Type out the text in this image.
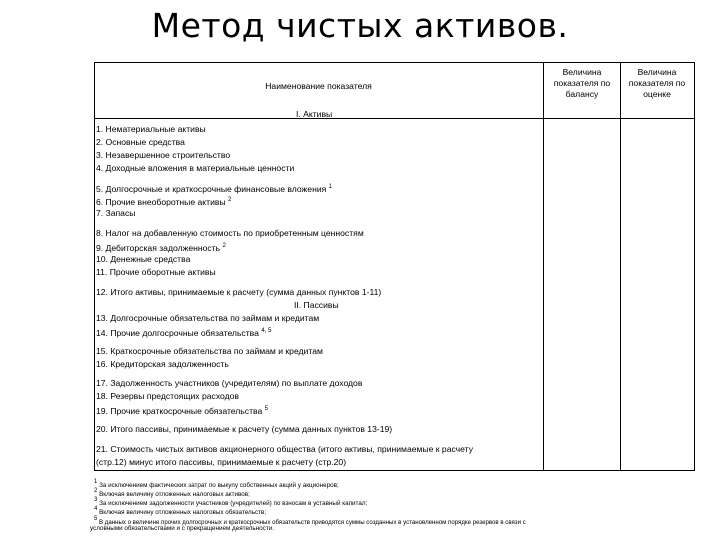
Метод чистых активов.
Наименование показателя
Величина показателя по балансу
Величина показателя по оценке
I. Активы
1. Нематериальные активы
2. Основные средства
3. Незавершенное строительство
4. Доходные вложения в материальные ценности
5. Долгосрочные и краткосрочные финансовые вложения $^1$
6. Прочие внеоборотные активы $^2$
7. Запасы
8. Налог на добавленную стоимость по приобретенным ценностям
9. Дебиторская задолженность $^2$
10. Денежные средства
11. Прочие оборотные активы
12. Итого активы, принимаемые к расчету (сумма данных пунктов 1-11)
II. Пассивы
13. Долгосрочные обязательства по займам и кредитам
14. Прочие долгосрочные обязательства $^{4, 5}$
15. Краткосрочные обязательства по займам и кредитам
16. Кредиторская задолженность
17. Задолженность участников (учредителям) по выплате доходов
18. Резервы предстоящих расходов
19. Прочие краткосрочные обязательства $^5$
20. Итого пассивы, принимаемые к расчету (сумма данных пунктов 13-19)
21. Стоимость чистых активов акционерного общества (итого активы, принимаемые к расчету
(стр.12) минус итого пассивы, принимаемые к расчету (стр.20)
$^1$ За исключением фактических затрат по выкупу собственных акций у акционеров;
$^2$ Включая величину отложенных налоговых активов;
$^3$ За исключением задолженности участников (учредителей) по взносам в уставный капитал;
$^4$ Включая величину отложенных налоговых обязательств;
$^5$ В данных о величине прочих долгосрочных и краткосрочных обязательств приводятся суммы созданных в установленном порядке резервов в связи с
условными обязательствами и с прекращением деятельности.
